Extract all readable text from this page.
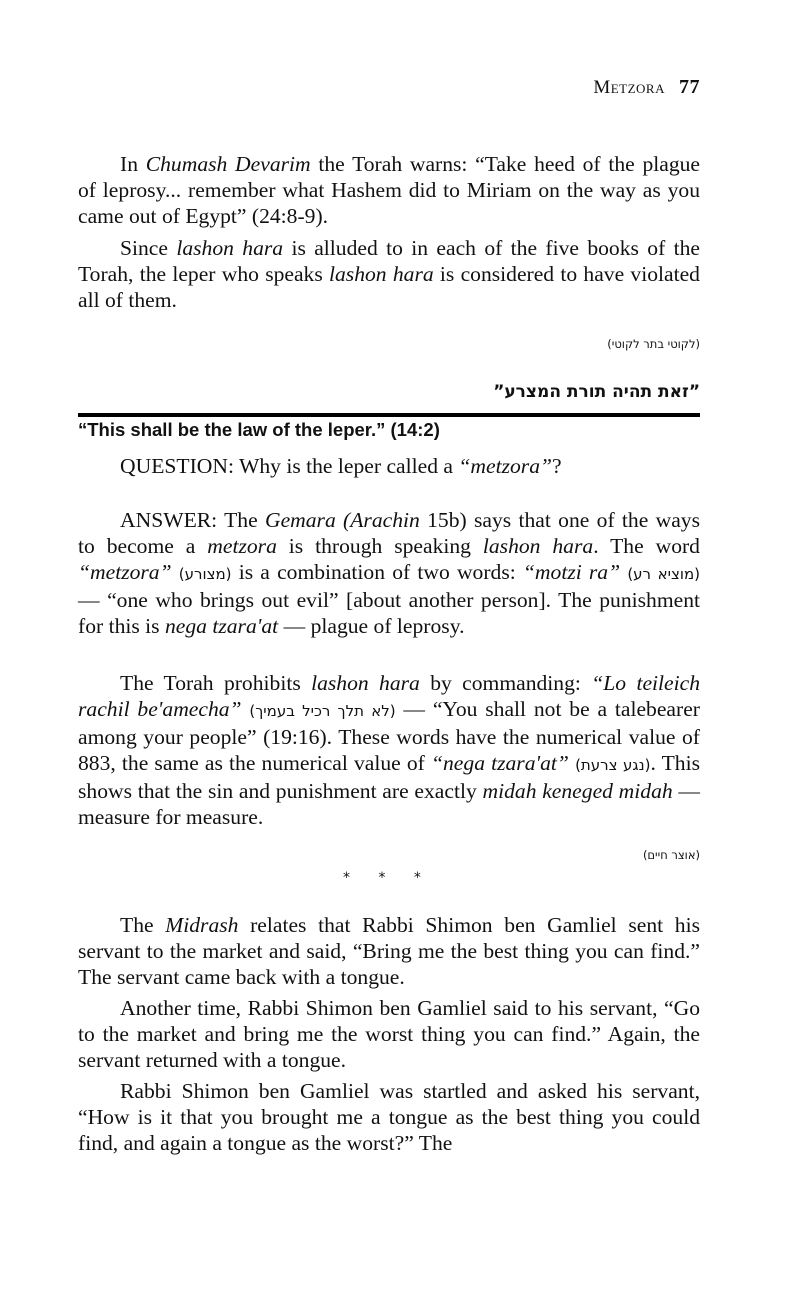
Metzora 77

In Chumash Devarim the Torah warns: “Take heed of the plague of leprosy... remember what Hashem did to Miriam on the way as you came out of Egypt” (24:8-9).

Since lashon hara is alluded to in each of the five books of the Torah, the leper who speaks lashon hara is considered to have violated all of them.

(לקוטי בתר לקוטי)
”זאת תהיה תורת המצרע”
“This shall be the law of the leper.” (14:2)

QUESTION: Why is the leper called a “metzora”?

ANSWER: The Gemara (Arachin 15b) says that one of the ways to become a metzora is through speaking lashon hara. The word “metzora” (מצורע) is a combination of two words: “motzi ra” (מוציא רע) — “one who brings out evil” [about another person]. The punishment for this is nega tzara'at — plague of leprosy.

The Torah prohibits lashon hara by commanding: “Lo teileich rachil be'amecha” (לא תלך רכיל בעמיך) — “You shall not be a talebearer among your people” (19:16). These words have the numerical value of 883, the same as the numerical value of “nega tzara'at” (נגע צרעת). This shows that the sin and punishment are exactly midah keneged midah — measure for measure.

(אוצר חיים)
* * *

The Midrash relates that Rabbi Shimon ben Gamliel sent his servant to the market and said, “Bring me the best thing you can find.” The servant came back with a tongue.

Another time, Rabbi Shimon ben Gamliel said to his servant, “Go to the market and bring me the worst thing you can find.” Again, the servant returned with a tongue.

Rabbi Shimon ben Gamliel was startled and asked his servant, “How is it that you brought me a tongue as the best thing you could find, and again a tongue as the worst?” The
